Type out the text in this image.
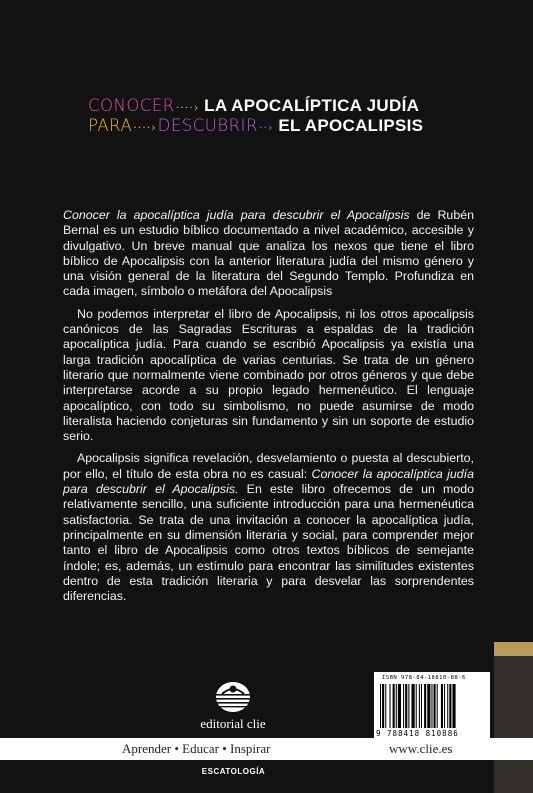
CONOCER ····› LA APOCALÍPTICA JUDÍA
PARA ····› DESCUBRIR ··› EL APOCALIPSIS

Conocer la apocalíptica judía para descubrir el Apocalipsis de Rubén Bernal es un estudio bíblico documentado a nivel académico, accesible y divulgativo. Un breve manual que analiza los nexos que tiene el libro bíblico de Apocalipsis con la anterior literatura judía del mismo género y una visión general de la literatura del Segundo Templo. Profundiza en cada imagen, símbolo o metáfora del Apocalipsis

No podemos interpretar el libro de Apocalipsis, ni los otros apocalipsis canónicos de las Sagradas Escrituras a espaldas de la tradición apocalíptica judía. Para cuando se escribió Apocalipsis ya existía una larga tradición apocalíptica de varias centurias. Se trata de un género literario que normalmente viene combinado por otros géneros y que debe interpretarse acorde a su propio legado hermenéutico. El lenguaje apocalíptico, con todo su simbolismo, no puede asumirse de modo literalista haciendo conjeturas sin fundamento y sin un soporte de estudio serio.

Apocalipsis significa revelación, desvelamiento o puesta al descubierto, por ello, el título de esta obra no es casual: Conocer la apocalíptica judía para descubrir el Apocalipsis. En este libro ofrecemos de un modo relativamente sencillo, una suficiente introducción para una hermenéutica satisfactoria. Se trata de una invitación a conocer la apocalíptica judía, principalmente en su dimensión literaria y social, para comprender mejor tanto el libro de Apocalipsis como otros textos bíblicos de semejante índole; es, además, un estímulo para encontrar las similitudes existentes dentro de esta tradición literaria y para desvelar las sorprendentes diferencias.

editorial clie
ISBN 978-84-18810-88-6
9 788418 810886
Aprender • Educar • Inspirar	www.clie.es
ESCATOLOGÍA
